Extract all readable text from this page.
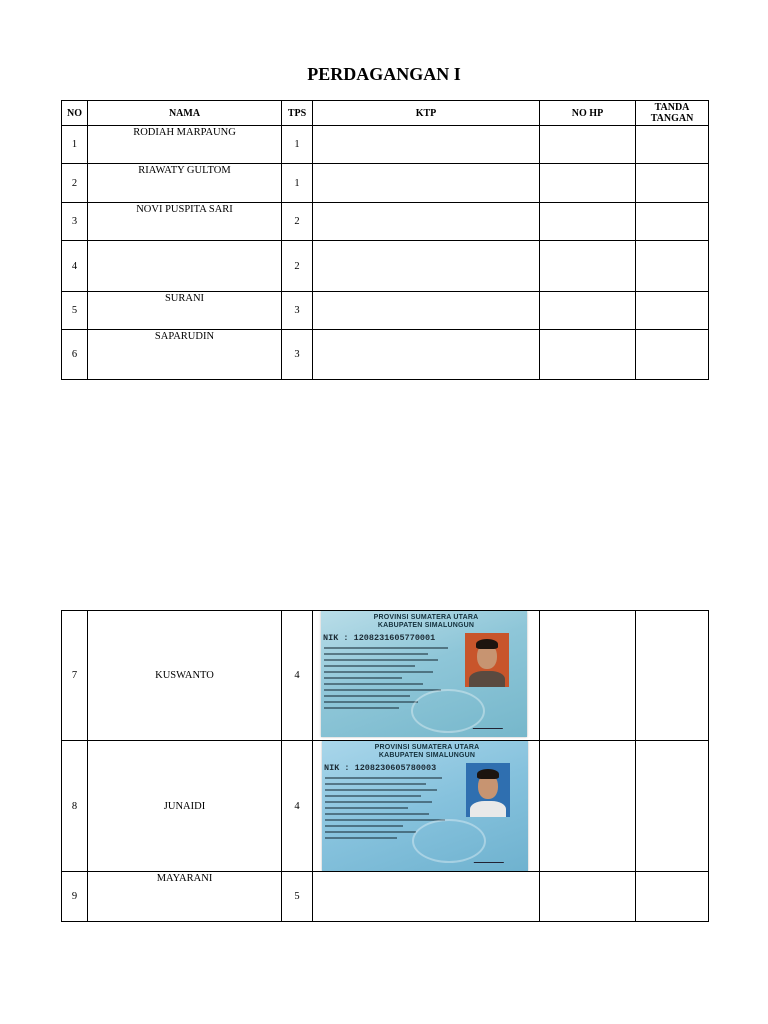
PERDAGANGAN I
NO	NAMA	TPS	KTP	NO HP	TANDA TANGAN
1	RODIAH MARPAUNG	1			
2	RIAWATY GULTOM	1			
3	NOVI PUSPITA SARI	2			
4		2			
5	SURANI	3			
6	SAPARUDIN	3			
7	KUSWANTO	4	PROVINSI SUMATERA UTARA
KABUPATEN SIMALUNGUN
NIK : 1208231605770001		

8	JUNAIDI	4	PROVINSI SUMATERA UTARA
KABUPATEN SIMALUNGUN
NIK : 1208230605780003		

9	MAYARANI	5			
